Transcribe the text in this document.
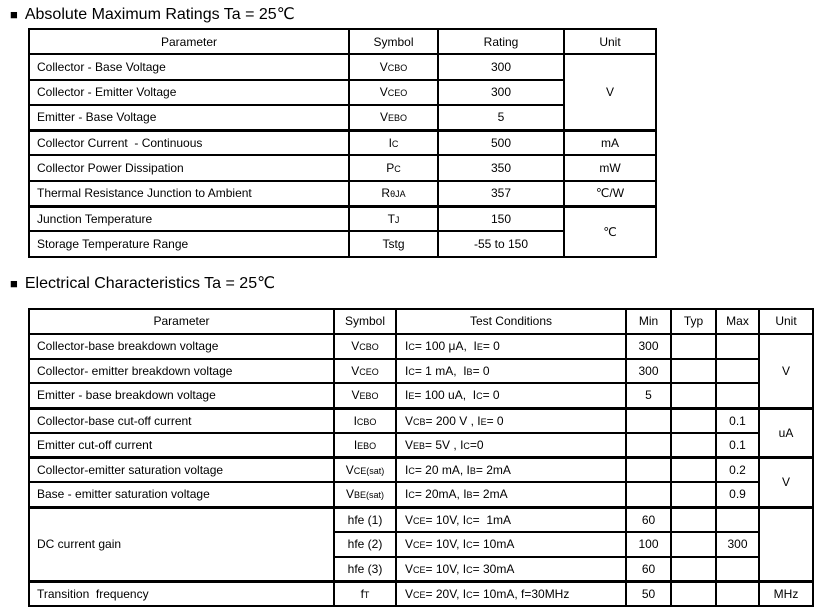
■ Absolute Maximum Ratings Ta = 25℃
Parameter	Symbol	Rating	Unit
Collector - Base Voltage	VCBO	300	V
Collector - Emitter Voltage	VCEO	300	
Emitter - Base Voltage	VEBO	5	
Collector Current  - Continuous	IC	500	mA
Collector Power Dissipation	PC	350	mW
Thermal Resistance Junction to Ambient	RθJA	357	℃/W
Junction Temperature	TJ	150	℃
Storage Temperature Range	Tstg	-55 to 150	
■ Electrical Characteristics Ta = 25℃
Parameter	Symbol	Test Conditions	Min	Typ	Max	Unit
Collector-base breakdown voltage	VCBO	IC= 100 μA,  IE= 0	300			V
Collector- emitter breakdown voltage	VCEO	IC= 1 mA,  IB= 0	300			
Emitter - base breakdown voltage	VEBO	IE= 100 uA,  IC= 0	5			
Collector-base cut-off current	ICBO	VCB= 200 V , IE= 0			0.1	uA
Emitter cut-off current	IEBO	VEB= 5V , IC=0			0.1	
Collector-emitter saturation voltage	VCE(sat)	IC= 20 mA, IB= 2mA			0.2	V
Base - emitter saturation voltage	VBE(sat)	IC= 20mA, IB= 2mA			0.9	
DC current gain	hfe (1)	VCE= 10V, IC=  1mA	60			
	hfe (2)	VCE= 10V, IC= 10mA	100		300	
	hfe (3)	VCE= 10V, IC= 30mA	60			
Transition  frequency	fT	VCE= 20V, IC= 10mA, f=30MHz	50			MHz
